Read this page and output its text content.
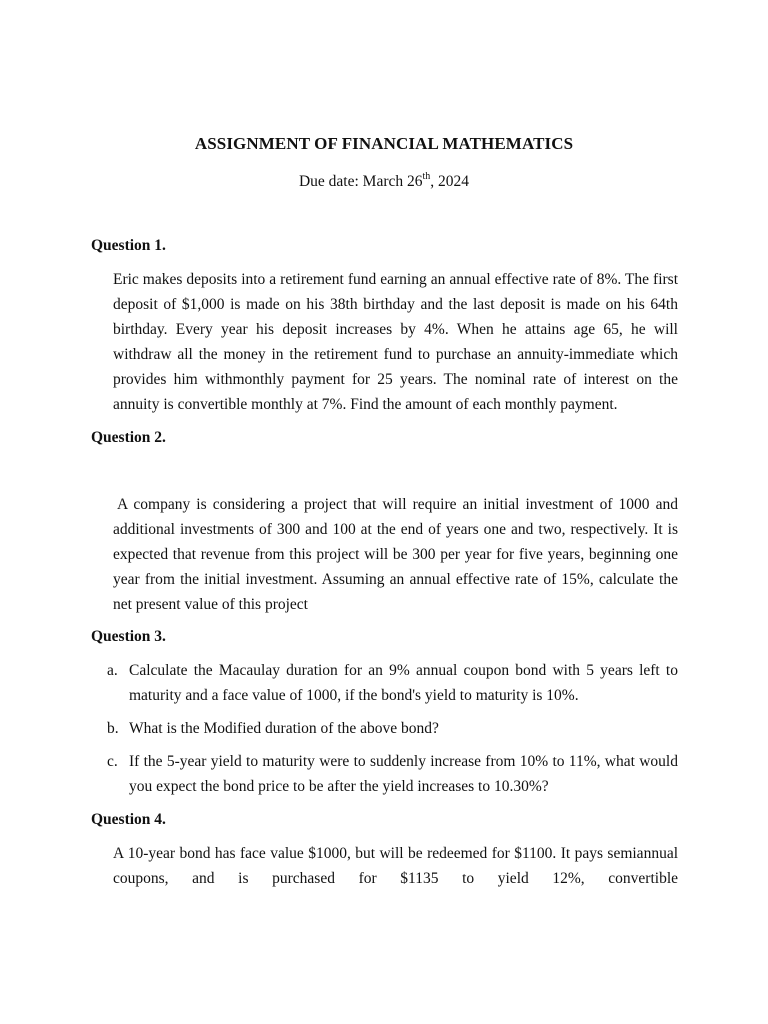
ASSIGNMENT OF FINANCIAL MATHEMATICS
Due date: March 26th, 2024
Question 1.

Eric makes deposits into a retirement fund earning an annual effective rate of 8%. The first deposit of $1,000 is made on his 38th birthday and the last deposit is made on his 64th birthday. Every year his deposit increases by 4%. When he attains age 65, he will withdraw all the money in the retirement fund to purchase an annuity-immediate which provides him withmonthly payment for 25 years. The nominal rate of interest on the annuity is convertible monthly at 7%. Find the amount of each monthly payment.

Question 2.

A company is considering a project that will require an initial investment of 1000 and additional investments of 300 and 100 at the end of years one and two, respectively. It is expected that revenue from this project will be 300 per year for five years, beginning one year from the initial investment. Assuming an annual effective rate of 15%, calculate the net present value of this project

Question 3.
a. Calculate the Macaulay duration for an 9% annual coupon bond with 5 years left to maturity and a face value of 1000, if the bond's yield to maturity is 10%.
b. What is the Modified duration of the above bond?
c. If the 5-year yield to maturity were to suddenly increase from 10% to 11%, what would you expect the bond price to be after the yield increases to 10.30%?
Question 4.

A 10-year bond has face value $1000, but will be redeemed for $1100. It pays semiannual coupons, and is purchased for $1135 to yield 12%, convertible
